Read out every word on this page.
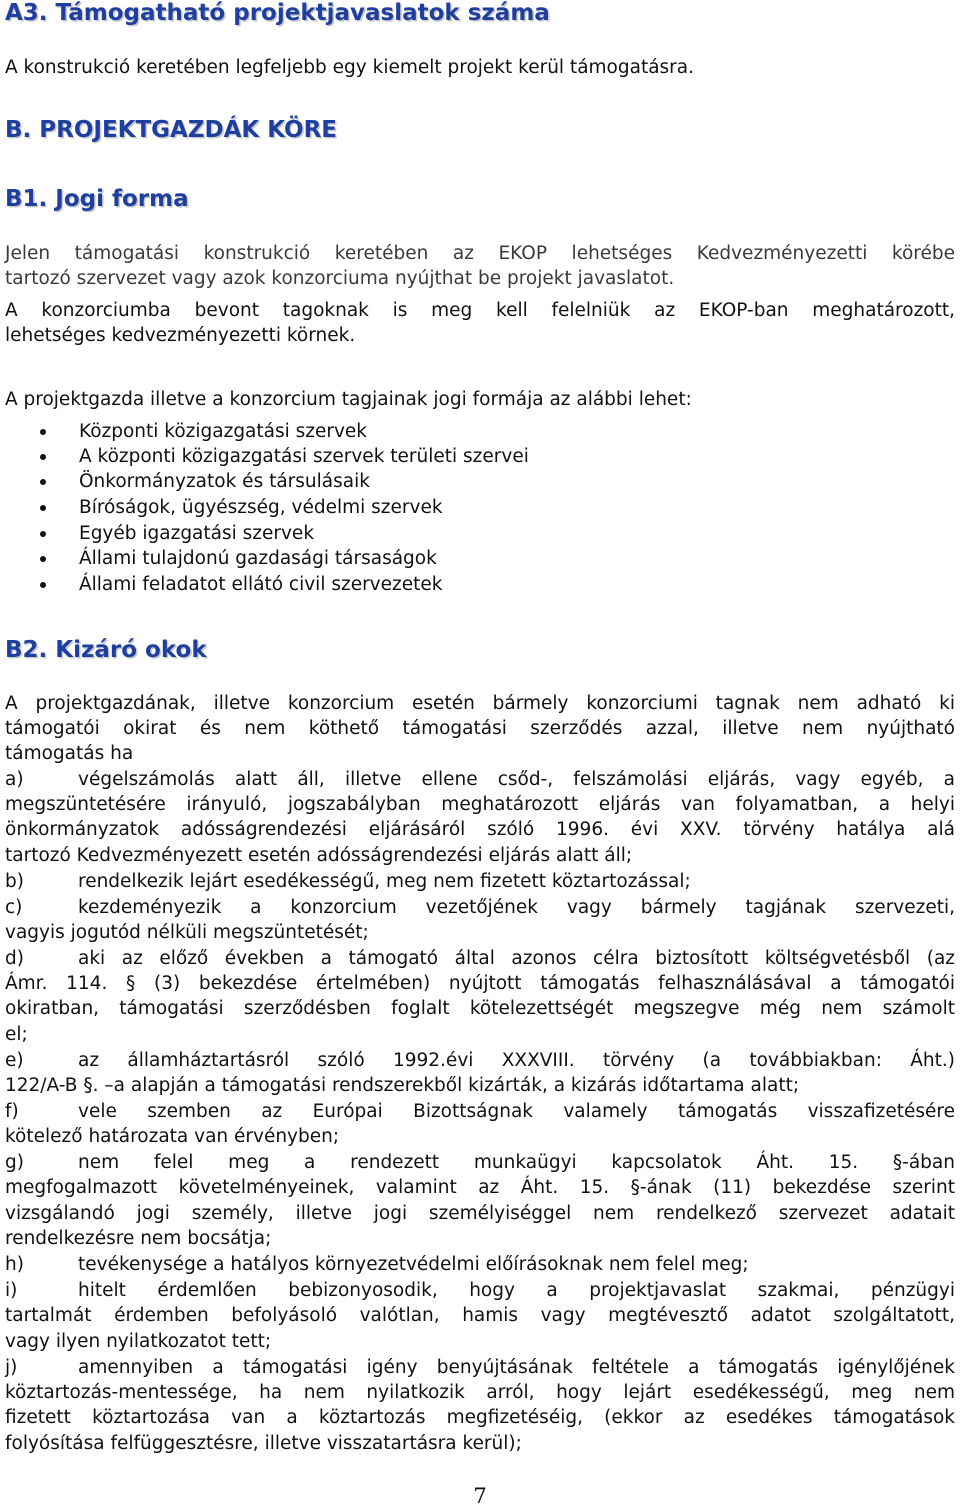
A3. Támogatható projektjavaslatok száma
A konstrukció keretében legfeljebb egy kiemelt projekt kerül támogatásra.
B. PROJEKTGAZDÁK KÖRE
B1. Jogi forma
Jelen támogatási konstrukció keretében az EKOP lehetséges Kedvezményezetti körébe
tartozó szervezet vagy azok konzorciuma nyújthat be projekt javaslatot.
A konzorciumba bevont tagoknak is meg kell felelniük az EKOP-ban meghatározott,
lehetséges kedvezményezetti körnek.
A projektgazda illetve a konzorcium tagjainak jogi formája az alábbi lehet:
Központi közigazgatási szervek
A központi közigazgatási szervek területi szervei
Önkormányzatok és társulásaik
Bíróságok, ügyészség, védelmi szervek
Egyéb igazgatási szervek
Állami tulajdonú gazdasági társaságok
Állami feladatot ellátó civil szervezetek
B2. Kizáró okok
A projektgazdának, illetve konzorcium esetén bármely konzorciumi tagnak nem adható ki
támogatói okirat és nem köthető támogatási szerződés azzal, illetve nem nyújtható
támogatás ha
a)	végelszámolás alatt áll, illetve ellene csőd-, felszámolási eljárás, vagy egyéb, a
megszüntetésére irányuló, jogszabályban meghatározott eljárás van folyamatban, a helyi
önkormányzatok adósságrendezési eljárásáról szóló 1996. évi XXV. törvény hatálya alá
tartozó Kedvezményezett esetén adósságrendezési eljárás alatt áll;
b)	rendelkezik lejárt esedékességű, meg nem fizetett köztartozással;
c)	kezdeményezik a konzorcium vezetőjének vagy bármely tagjának szervezeti,
vagyis jogutód nélküli megszüntetését;
d)	aki az előző években a támogató által azonos célra biztosított költségvetésből (az
Ámr. 114. § (3) bekezdése értelmében) nyújtott támogatás felhasználásával a támogatói
okiratban, támogatási szerződésben foglalt kötelezettségét megszegve még nem számolt
el;
e)	az államháztartásról szóló 1992.évi XXXVIII. törvény (a továbbiakban: Áht.)
122/A-B §. –a alapján a támogatási rendszerekből kizárták, a kizárás időtartama alatt;
f)	vele szemben az Európai Bizottságnak valamely támogatás visszafizetésére
kötelező határozata van érvényben;
g)	nem felel meg a rendezett munkaügyi kapcsolatok Áht. 15. §-ában
megfogalmazott követelményeinek, valamint az Áht. 15. §-ának (11) bekezdése szerint
vizsgálandó jogi személy, illetve jogi személyiséggel nem rendelkező szervezet adatait
rendelkezésre nem bocsátja;
h)	tevékenysége a hatályos környezetvédelmi előírásoknak nem felel meg;
i)	hitelt érdemlően bebizonyosodik, hogy a projektjavaslat szakmai, pénzügyi
tartalmát érdemben befolyásoló valótlan, hamis vagy megtévesztő adatot szolgáltatott,
vagy ilyen nyilatkozatot tett;
j)	amennyiben a támogatási igény benyújtásának feltétele a támogatás igénylőjének
köztartozás-mentessége, ha nem nyilatkozik arról, hogy lejárt esedékességű, meg nem
fizetett köztartozása van a köztartozás megfizetéséig, (ekkor az esedékes támogatások
folyósítása felfüggesztésre, illetve visszatartásra kerül);
7
